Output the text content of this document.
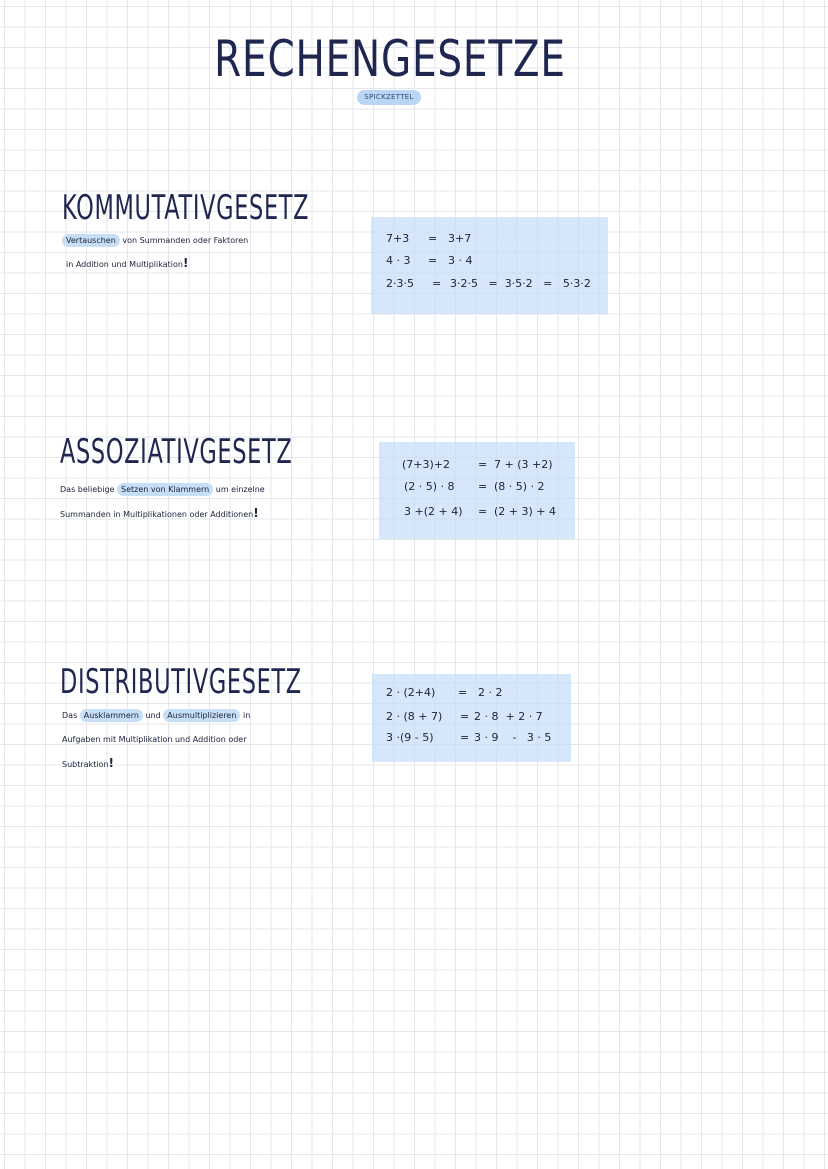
RECHENGESETZE
SPICKZETTEL
KOMMUTATIVGESETZ
Vertauschen von Summanden oder Faktoren
in Addition und Multiplikation!
7+3 = 3+7
4 · 3 = 3 · 4
2·3·5 = 3·2·5   =  3·5·2   =   5·3·2
ASSOZIATIVGESETZ
Das beliebige Setzen von Klammern um einzelne
Summanden in Multiplikationen oder Additionen!
(7+3)+2	= 7 + (3 +2)
(2 · 5) · 8 = (8 · 5) · 2
3 +(2 + 4) = (2 + 3) + 4
DISTRIBUTIVGESETZ
Das Ausklammern und Ausmultiplizieren in
Aufgaben mit Multiplikation und Addition oder
Subtraktion!
2 · (2+4) = 2 · 2
2 · (8 + 7) = 2 · 8  + 2 · 7
3 ·(9 - 5) = 3 · 9    -   3 · 5
